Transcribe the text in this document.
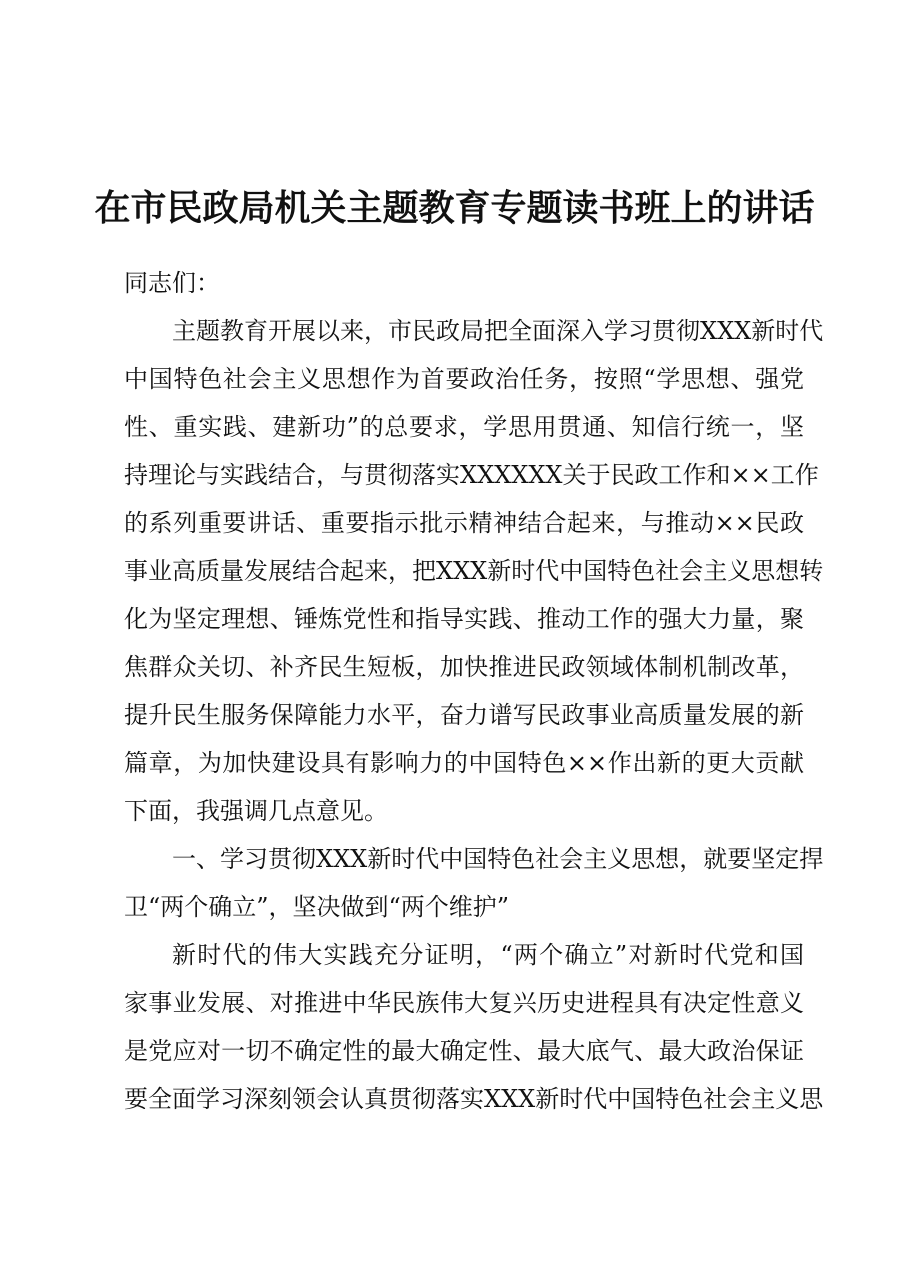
在市民政局机关主题教育专题读书班上的讲话
同志们：
主题教育开展以来，市民政局把全面深入学习贯彻XXX新时代
中国特色社会主义思想作为首要政治任务，按照“学思想、强党
性、重实践、建新功”的总要求，学思用贯通、知信行统一，坚
持理论与实践结合，与贯彻落实XXXXXX关于民政工作和××工作
的系列重要讲话、重要指示批示精神结合起来，与推动××民政
事业高质量发展结合起来，把XXX新时代中国特色社会主义思想转
化为坚定理想、锤炼党性和指导实践、推动工作的强大力量，聚
焦群众关切、补齐民生短板，加快推进民政领域体制机制改革，
提升民生服务保障能力水平，奋力谱写民政事业高质量发展的新
篇章，为加快建设具有影响力的中国特色××作出新的更大贡献
下面，我强调几点意见。
一、学习贯彻XXX新时代中国特色社会主义思想，就要坚定捍
卫“两个确立”，坚决做到“两个维护”
新时代的伟大实践充分证明，“两个确立”对新时代党和国
家事业发展、对推进中华民族伟大复兴历史进程具有决定性意义
是党应对一切不确定性的最大确定性、最大底气、最大政治保证
要全面学习深刻领会认真贯彻落实XXX新时代中国特色社会主义思
